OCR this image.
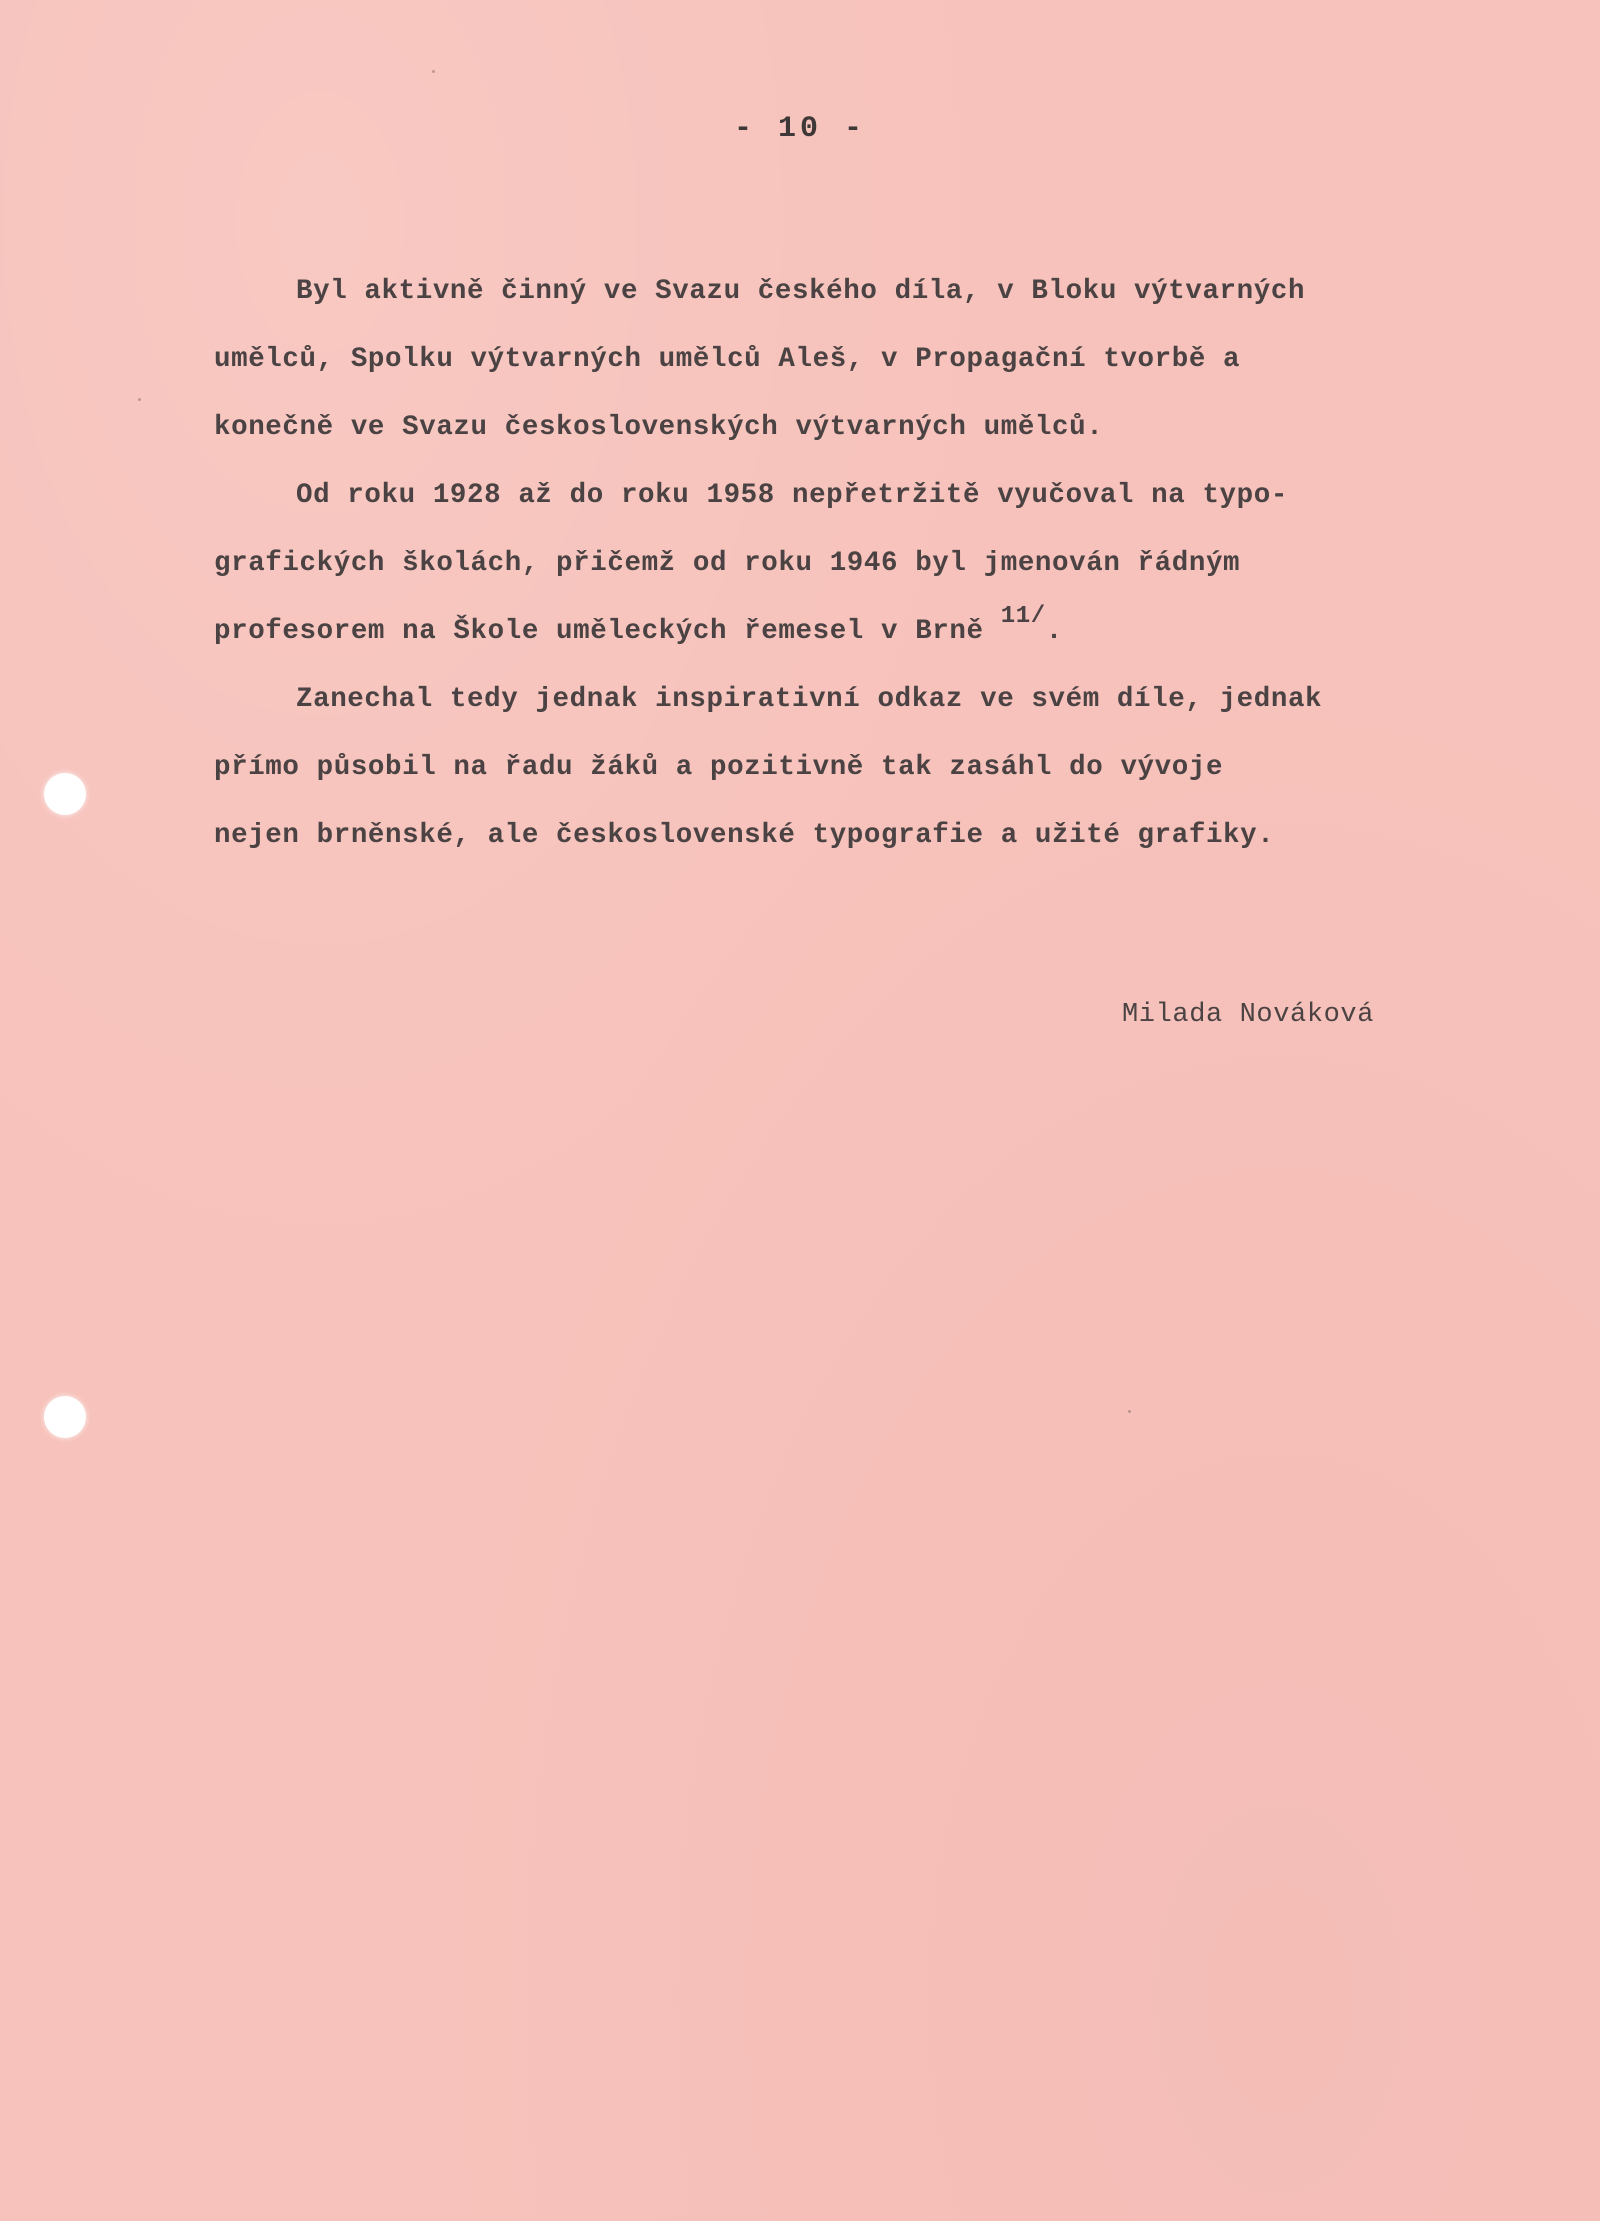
- 10 -
Byl aktivně činný ve Svazu českého díla, v Bloku výtvarných
umělců, Spolku výtvarných umělců Aleš, v Propagační tvorbě a
konečně ve Svazu československých výtvarných umělců.
Od roku 1928 až do roku 1958 nepřetržitě vyučoval na typo-
grafických školách, přičemž od roku 1946 byl jmenován řádným
profesorem na Škole uměleckých řemesel v Brně 11/.
Zanechal tedy jednak inspirativní odkaz ve svém díle, jednak
přímo působil na řadu žáků a pozitivně tak zasáhl do vývoje
nejen brněnské, ale československé typografie a užité grafiky.
Milada Nováková
